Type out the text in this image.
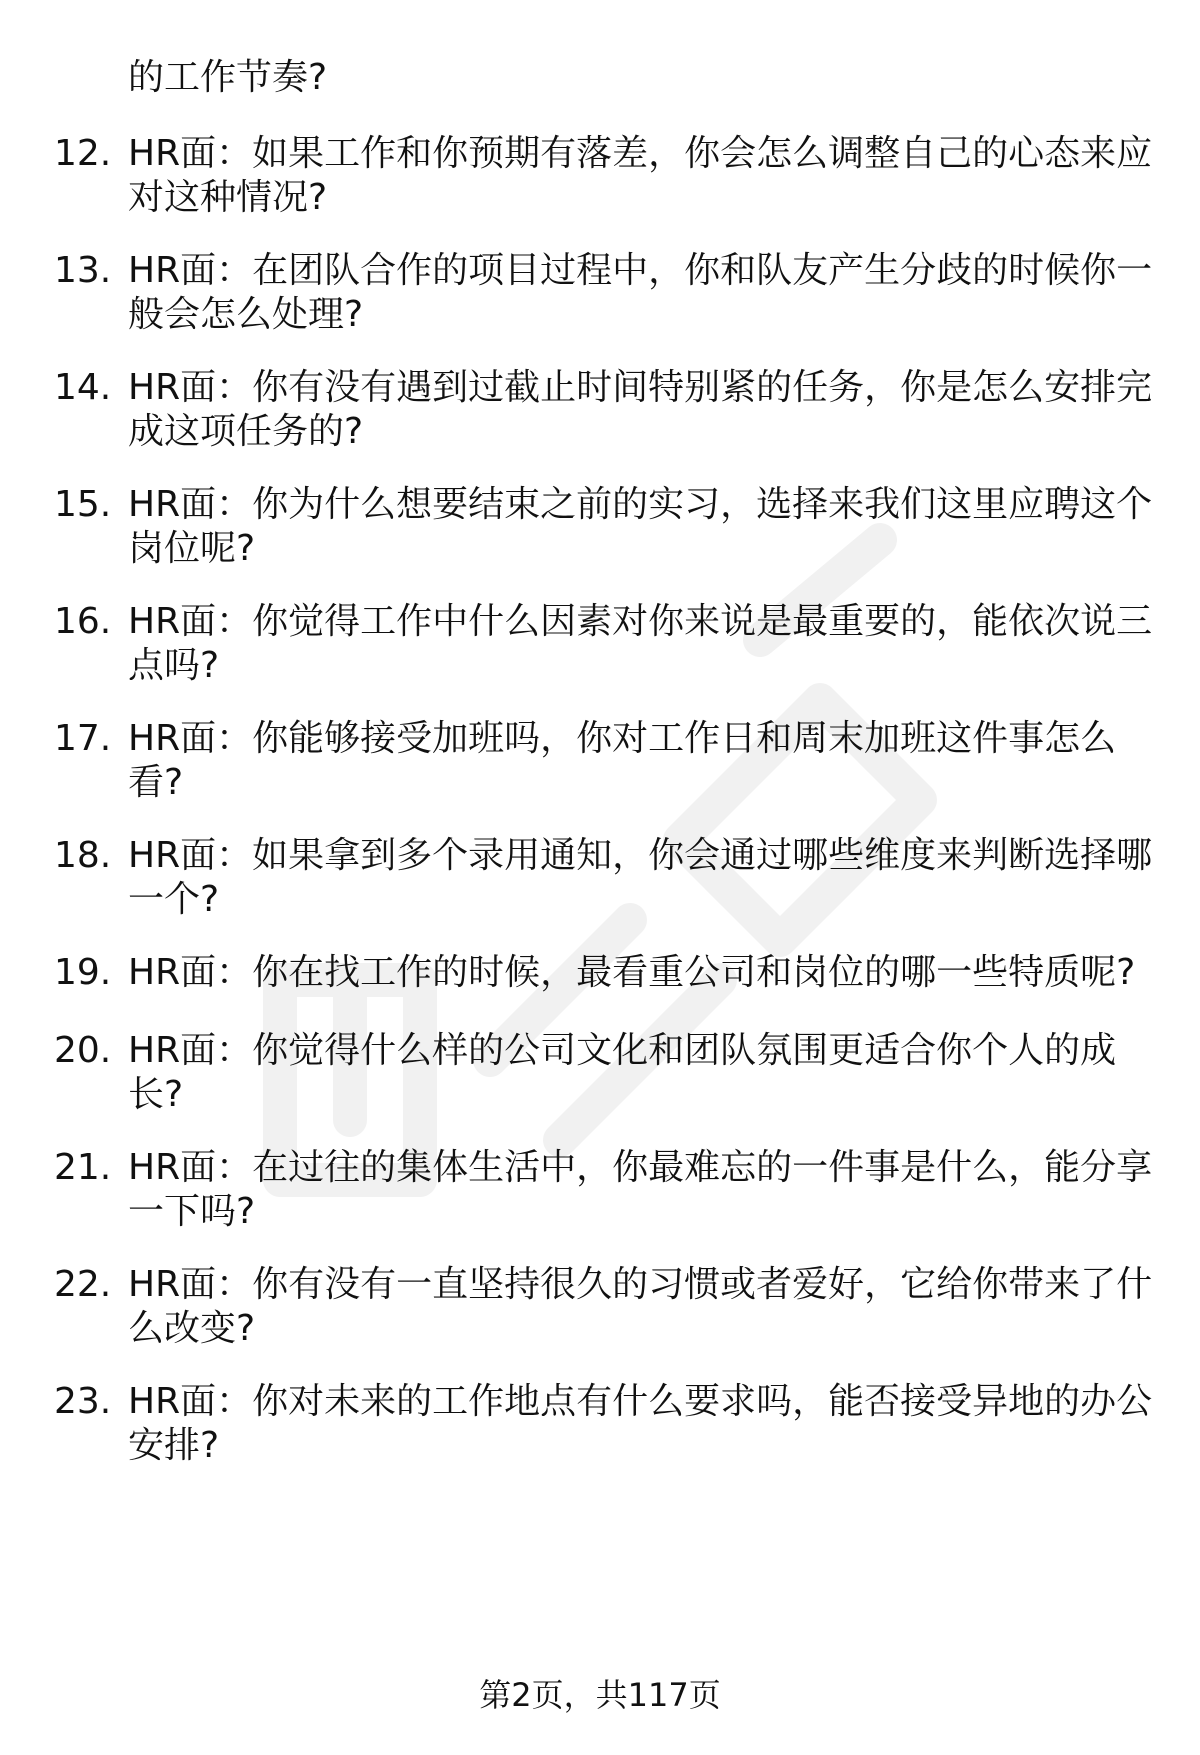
的工作节奏?
12. HR面：如果工作和你预期有落差，你会怎么调整自己的心态来应
对这种情况?
13. HR面：在团队合作的项目过程中，你和队友产生分歧的时候你一
般会怎么处理?
14. HR面：你有没有遇到过截止时间特别紧的任务，你是怎么安排完
成这项任务的?
15. HR面：你为什么想要结束之前的实习，选择来我们这里应聘这个
岗位呢?
16. HR面：你觉得工作中什么因素对你来说是最重要的，能依次说三
点吗?
17. HR面：你能够接受加班吗，你对工作日和周末加班这件事怎么
看?
18. HR面：如果拿到多个录用通知，你会通过哪些维度来判断选择哪
一个?
19. HR面：你在找工作的时候，最看重公司和岗位的哪一些特质呢?
20. HR面：你觉得什么样的公司文化和团队氛围更适合你个人的成
长?
21. HR面：在过往的集体生活中，你最难忘的一件事是什么，能分享
一下吗?
22. HR面：你有没有一直坚持很久的习惯或者爱好，它给你带来了什
么改变?
23. HR面：你对未来的工作地点有什么要求吗，能否接受异地的办公
安排?
第2页，共117页
